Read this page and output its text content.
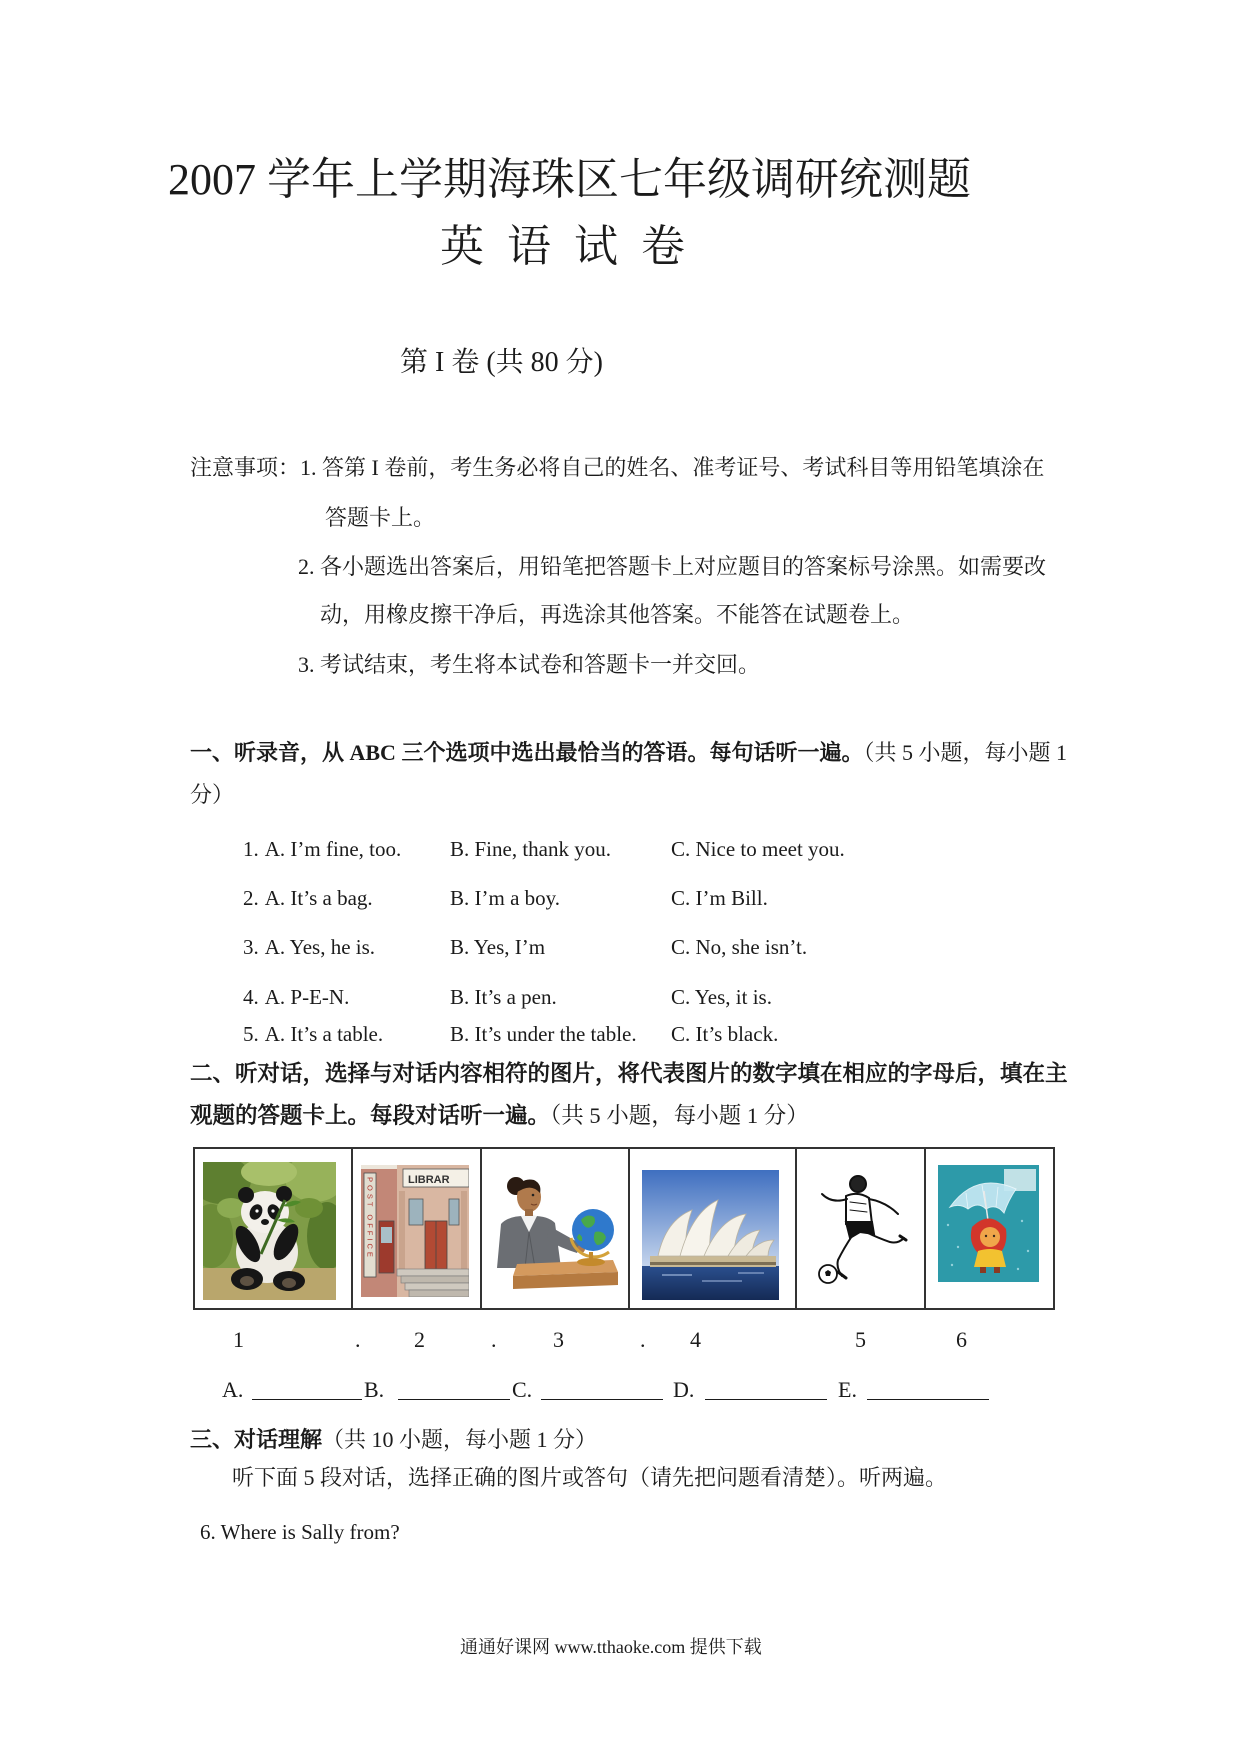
2007 学年上学期海珠区七年级调研统测题
英 语 试 卷
第 I 卷 (共 80 分)
注意事项：1. 答第 I 卷前，考生务必将自己的姓名、准考证号、考试科目等用铅笔填涂在
答题卡上。
2. 各小题选出答案后，用铅笔把答题卡上对应题目的答案标号涂黑。如需要改
动，用橡皮擦干净后，再选涂其他答案。不能答在试题卷上。
3. 考试结束，考生将本试卷和答题卡一并交回。
一、听录音，从 ABC 三个选项中选出最恰当的答语。每句话听一遍。（共 5 小题，每小题 1
分）
1. A. I’m fine, too. B. Fine, thank you.	C. Nice to meet you.
2. A. It’s a bag.	B. I’m a boy.	C. I’m Bill.
3. A. Yes, he is.	B. Yes, I’m	C. No, she isn’t.
4. A. P-E-N.	B. It’s a pen.	C. Yes, it is.
5. A. It’s a table.	B. It’s under the table. C. It’s black.
二、听对话，选择与对话内容相符的图片，将代表图片的数字填在相应的字母后，填在主
观题的答题卡上。每段对话听一遍。（共 5 小题，每小题 1 分）
POST OFFICE	LIBRAR
1	. 2	.	3	. 4	5	6
A.	B.	C.	D.	E.
三、对话理解（共 10 小题，每小题 1 分）
听下面 5 段对话，选择正确的图片或答句（请先把问题看清楚）。听两遍。
6. Where is Sally from?
通通好课网 www.tthaoke.com 提供下载
